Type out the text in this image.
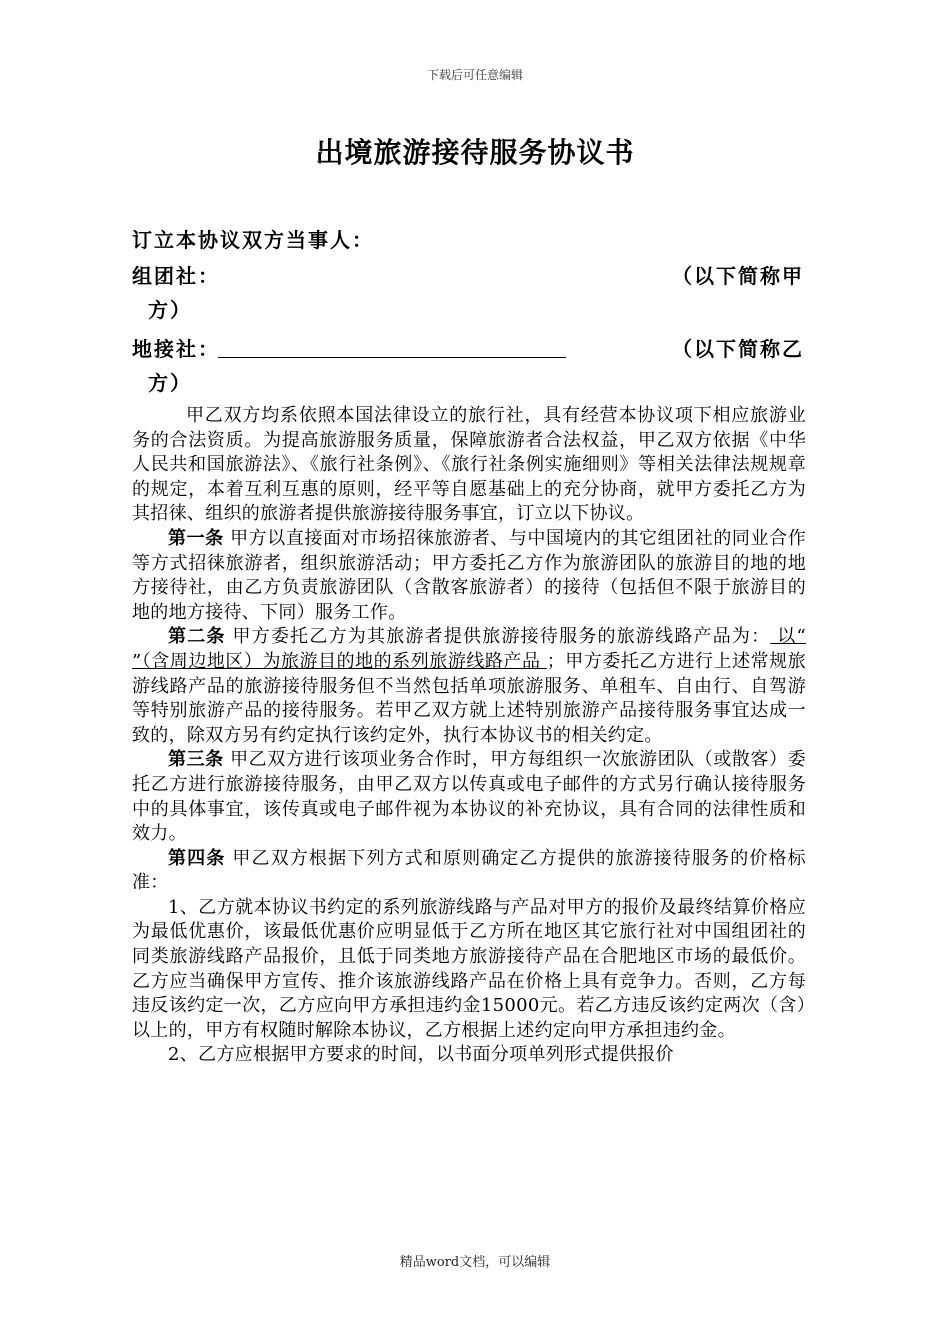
下载后可任意编辑
出境旅游接待服务协议书
订立本协议双方当事人：
组团社：	（以下简称甲
方）
地接社：	（以下简称乙
方）

甲乙双方均系依照本国法律设立的旅行社，具有经营本协议项下相应旅游业务的合法资质。为提高旅游服务质量，保障旅游者合法权益，甲乙双方依据《中华人民共和国旅游法》、《旅行社条例》、《旅行社条例实施细则》等相关法律法规规章的规定，本着互利互惠的原则，经平等自愿基础上的充分协商，就甲方委托乙方为其招徕、组织的旅游者提供旅游接待服务事宜，订立以下协议。

第一条 甲方以直接面对市场招徕旅游者、与中国境内的其它组团社的同业合作等方式招徕旅游者，组织旅游活动；甲方委托乙方作为旅游团队的旅游目的地的地方接待社，由乙方负责旅游团队（含散客旅游者）的接待（包括但不限于旅游目的地的地方接待、下同）服务工作。

第二条 甲方委托乙方为其旅游者提供旅游接待服务的旅游线路产品为： 以“ ”（含周边地区）为旅游目的地的系列旅游线路产品 ；甲方委托乙方进行上述常规旅游线路产品的旅游接待服务但不当然包括单项旅游服务、单租车、自由行、自驾游等特别旅游产品的接待服务。若甲乙双方就上述特别旅游产品接待服务事宜达成一致的，除双方另有约定执行该约定外，执行本协议书的相关约定。

第三条 甲乙双方进行该项业务合作时，甲方每组织一次旅游团队（或散客）委托乙方进行旅游接待服务，由甲乙双方以传真或电子邮件的方式另行确认接待服务中的具体事宜，该传真或电子邮件视为本协议的补充协议，具有合同的法律性质和效力。

第四条 甲乙双方根据下列方式和原则确定乙方提供的旅游接待服务的价格标准：

1、乙方就本协议书约定的系列旅游线路与产品对甲方的报价及最终结算价格应为最低优惠价，该最低优惠价应明显低于乙方所在地区其它旅行社对中国组团社的同类旅游线路产品报价，且低于同类地方旅游接待产品在合肥地区市场的最低价。乙方应当确保甲方宣传、推介该旅游线路产品在价格上具有竞争力。否则，乙方每违反该约定一次，乙方应向甲方承担违约金15000元。若乙方违反该约定两次（含）以上的，甲方有权随时解除本协议，乙方根据上述约定向甲方承担违约金。

2、乙方应根据甲方要求的时间，以书面分项单列形式提供报价

精品word文档，可以编辑
